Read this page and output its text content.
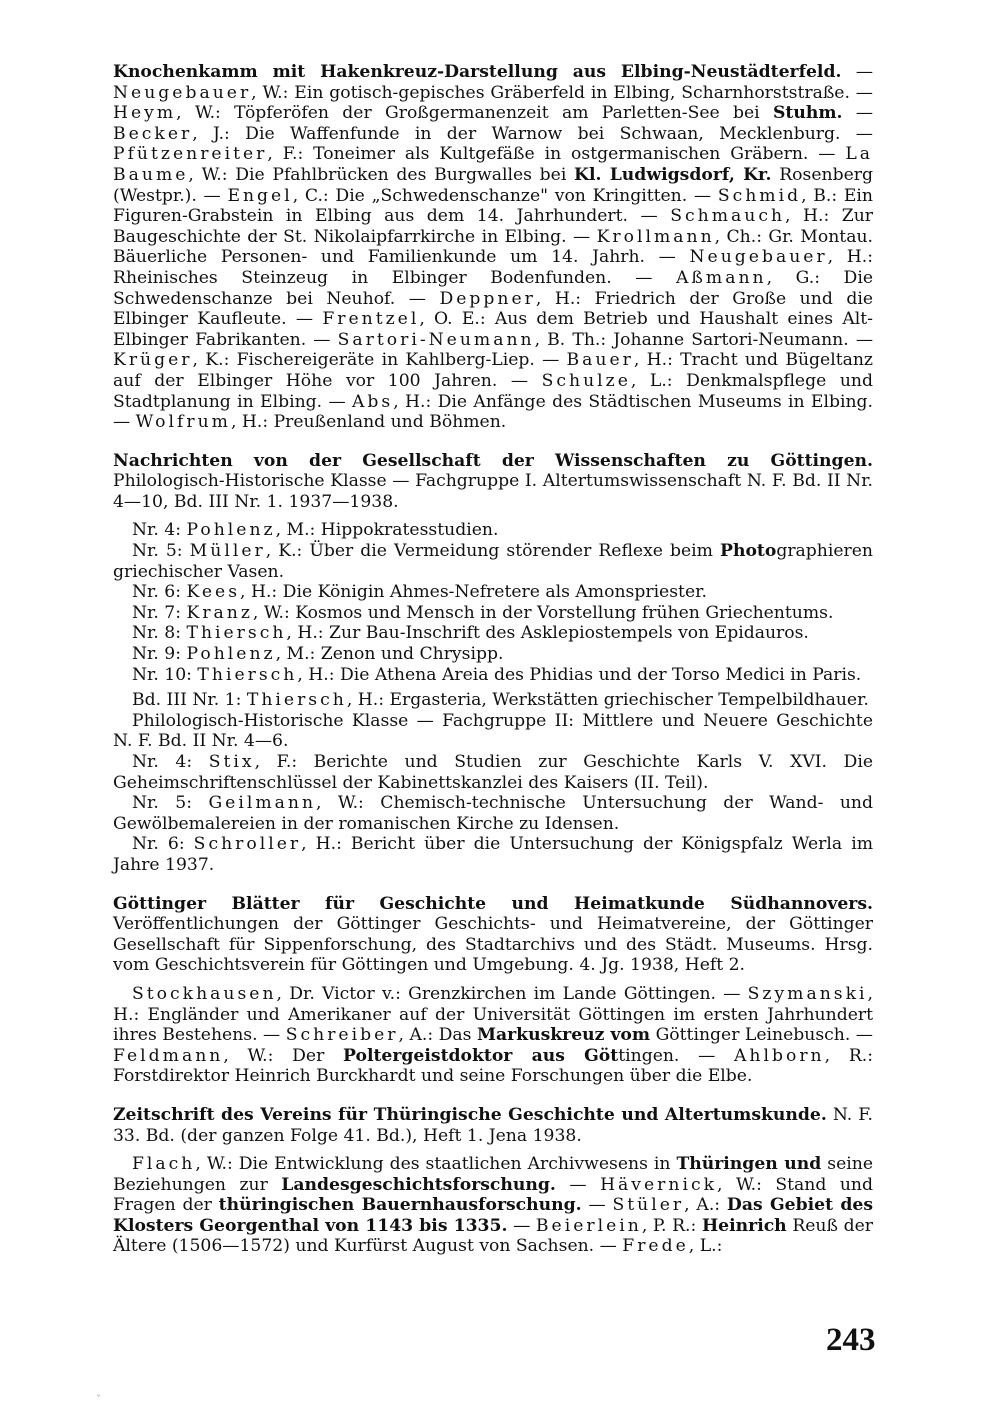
Knochenkamm mit Hakenkreuz-Darstellung aus Elbing-Neustädterfeld. — Neugebauer, W.: Ein gotisch-gepisches Gräberfeld in Elbing, Scharnhorststraße. — Heym, W.: Töpferöfen der Großgermanenzeit am Parletten-See bei Stuhm. — Becker, J.: Die Waffenfunde in der Warnow bei Schwaan, Mecklenburg. — Pfützenreiter, F.: Toneimer als Kultgefäße in ostgermanischen Gräbern. — La Baume, W.: Die Pfahlbrücken des Burgwalles bei Kl. Ludwigsdorf, Kr. Rosenberg (Westpr.). — Engel, C.: Die „Schwedenschanze" von Kringitten. — Schmid, B.: Ein Figuren-Grabstein in Elbing aus dem 14. Jahrhundert. — Schmauch, H.: Zur Baugeschichte der St. Nikolaipfarrkirche in Elbing. — Krollmann, Ch.: Gr. Montau. Bäuerliche Personen- und Familienkunde um 14. Jahrh. — Neugebauer, H.: Rheinisches Steinzeug in Elbinger Bodenfunden. — Aßmann, G.: Die Schwedenschanze bei Neuhof. — Deppner, H.: Friedrich der Große und die Elbinger Kaufleute. — Frentzel, O. E.: Aus dem Betrieb und Haushalt eines Alt-Elbinger Fabrikanten. — Sartori-Neumann, B. Th.: Johanne Sartori-Neumann. — Krüger, K.: Fischereigeräte in Kahlberg-Liep. — Bauer, H.: Tracht und Bügeltanz auf der Elbinger Höhe vor 100 Jahren. — Schulze, L.: Denkmalspflege und Stadtplanung in Elbing. — Abs, H.: Die Anfänge des Städtischen Museums in Elbing. — Wolfrum, H.: Preußenland und Böhmen.

Nachrichten von der Gesellschaft der Wissenschaften zu Göttingen. Philologisch-Historische Klasse — Fachgruppe I. Altertumswissenschaft N. F. Bd. II Nr. 4—10, Bd. III Nr. 1. 1937—1938.

Nr. 4: Pohlenz, M.: Hippokratesstudien.

Nr. 5: Müller, K.: Über die Vermeidung störender Reflexe beim Photographieren griechischer Vasen.

Nr. 6: Kees, H.: Die Königin Ahmes-Nefretere als Amonspriester.

Nr. 7: Kranz, W.: Kosmos und Mensch in der Vorstellung frühen Griechentums.

Nr. 8: Thiersch, H.: Zur Bau-Inschrift des Asklepiostempels von Epidauros.

Nr. 9: Pohlenz, M.: Zenon und Chrysipp.

Nr. 10: Thiersch, H.: Die Athena Areia des Phidias und der Torso Medici in Paris.

Bd. III Nr. 1: Thiersch, H.: Ergasteria, Werkstätten griechischer Tempelbildhauer.

Philologisch-Historische Klasse — Fachgruppe II: Mittlere und Neuere Geschichte N. F. Bd. II Nr. 4—6.

Nr. 4: Stix, F.: Berichte und Studien zur Geschichte Karls V. XVI. Die Geheimschriftenschlüssel der Kabinettskanzlei des Kaisers (II. Teil).

Nr. 5: Geilmann, W.: Chemisch-technische Untersuchung der Wand- und Gewölbemalereien in der romanischen Kirche zu Idensen.

Nr. 6: Schroller, H.: Bericht über die Untersuchung der Königspfalz Werla im Jahre 1937.

Göttinger Blätter für Geschichte und Heimatkunde Südhannovers. Veröffentlichungen der Göttinger Geschichts- und Heimatvereine, der Göttinger Gesellschaft für Sippenforschung, des Stadtarchivs und des Städt. Museums. Hrsg. vom Geschichtsverein für Göttingen und Umgebung. 4. Jg. 1938, Heft 2.

Stockhausen, Dr. Victor v.: Grenzkirchen im Lande Göttingen. — Szymanski, H.: Engländer und Amerikaner auf der Universität Göttingen im ersten Jahrhundert ihres Bestehens. — Schreiber, A.: Das Markuskreuz vom Göttinger Leinebusch. — Feldmann, W.: Der Poltergeistdoktor aus Göttingen. — Ahlborn, R.: Forstdirektor Heinrich Burckhardt und seine Forschungen über die Elbe.

Zeitschrift des Vereins für Thüringische Geschichte und Altertumskunde. N. F. 33. Bd. (der ganzen Folge 41. Bd.), Heft 1. Jena 1938.

Flach, W.: Die Entwicklung des staatlichen Archivwesens in Thüringen und seine Beziehungen zur Landesgeschichtsforschung. — Hävernick, W.: Stand und Fragen der thüringischen Bauernhausforschung. — Stüler, A.: Das Gebiet des Klosters Georgenthal von 1143 bis 1335. — Beierlein, P. R.: Heinrich Reuß der Ältere (1506—1572) und Kurfürst August von Sachsen. — Frede, L.:

243
ˇ
